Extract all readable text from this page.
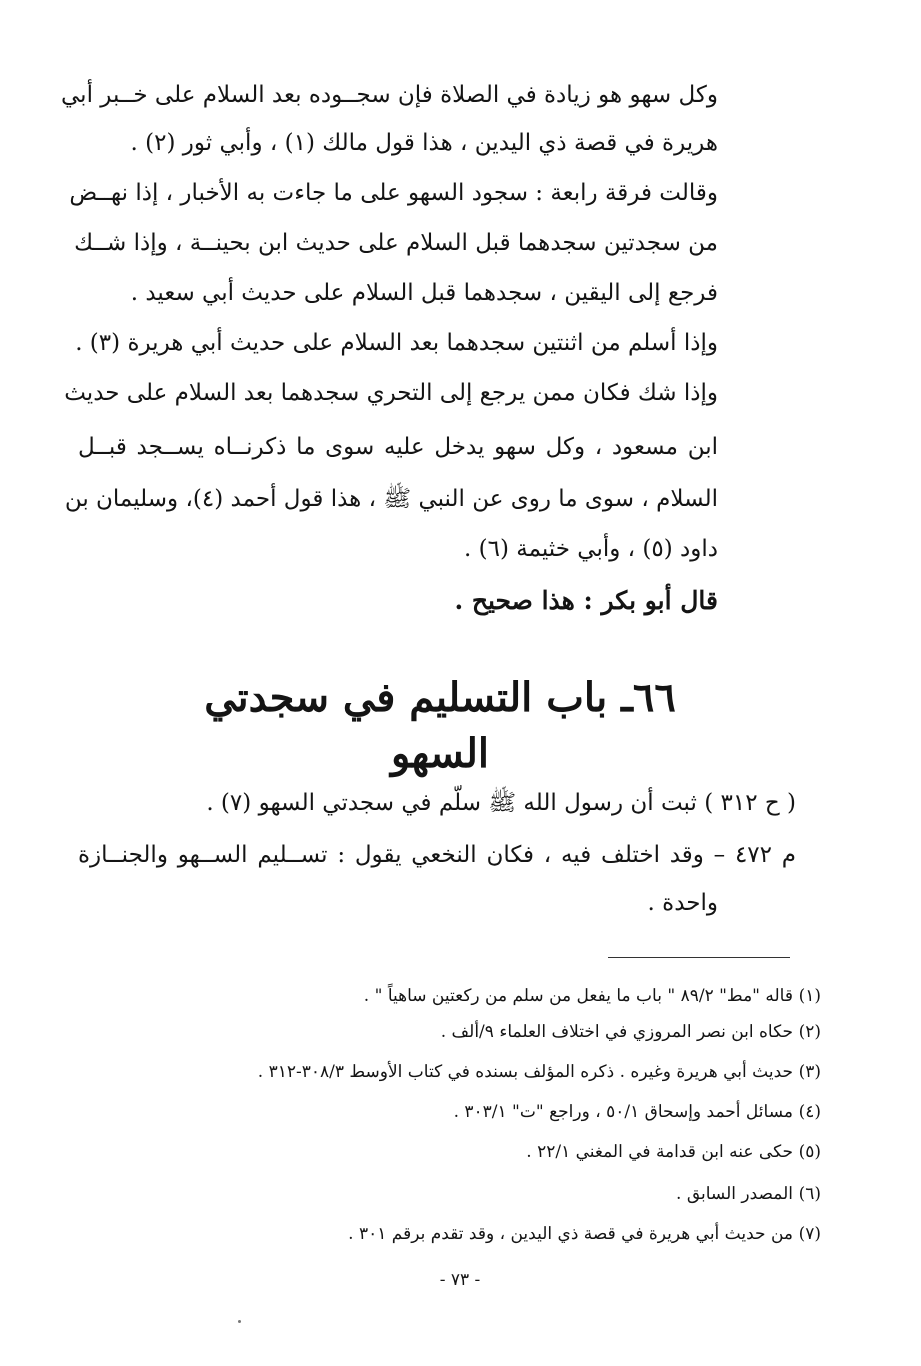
وكل سهو هو زيادة في الصلاة فإن سجــوده بعد السلام على خــبر أبي
هريرة في قصة ذي اليدين ، هذا قول مالك (١) ، وأبي ثور (٢) .
وقالت فرقة رابعة : سجود السهو على ما جاءت به الأخبار ، إذا نهــض
من سجدتين سجدهما قبل السلام على حديث ابن بحينــة ، وإذا شــك
فرجع إلى اليقين ، سجدهما قبل السلام على حديث أبي سعيد .
وإذا أسلم من اثنتين سجدهما بعد السلام على حديث أبي هريرة (٣) .
وإذا شك فكان ممن يرجع إلى التحري سجدهما بعد السلام على حديث
ابن مسعود ، وكل سهو يدخل عليه سوى ما ذكرنــاه يســجد قبــل
السلام ، سوى ما روى عن النبي ﷺ ، هذا قول أحمد (٤)، وسليمان بن
داود (٥) ، وأبي خثيمة (٦) .
قال أبو بكر : هذا صحيح .
٦٦ـ باب التسليم في سجدتي السهو
( ح ٣١٢ ) ثبت أن رسول الله ﷺ سلّم في سجدتي السهو (٧) .
م ٤٧٢ – وقد اختلف فيه ، فكان النخعي يقول : تســليم الســهو والجنــازة
واحدة .
(١)
قاله "مط" ٨٩/٢ " باب ما يفعل من سلم من ركعتين ساهياً " .
(٢)
حكاه ابن نصر المروزي في اختلاف العلماء ٩/ألف .
(٣)
حديث أبي هريرة وغيره . ذكره المؤلف بسنده في كتاب الأوسط ٣٠٨/٣-٣١٢ .
(٤)
مسائل أحمد وإسحاق ٥٠/١ ، وراجع "ت" ٣٠٣/١ .
(٥)
حكى عنه ابن قدامة في المغني ٢٢/١ .
(٦)
المصدر السابق .
(٧)
من حديث أبي هريرة في قصة ذي اليدين ، وقد تقدم برقم ٣٠١ .
- ٧٣ -
